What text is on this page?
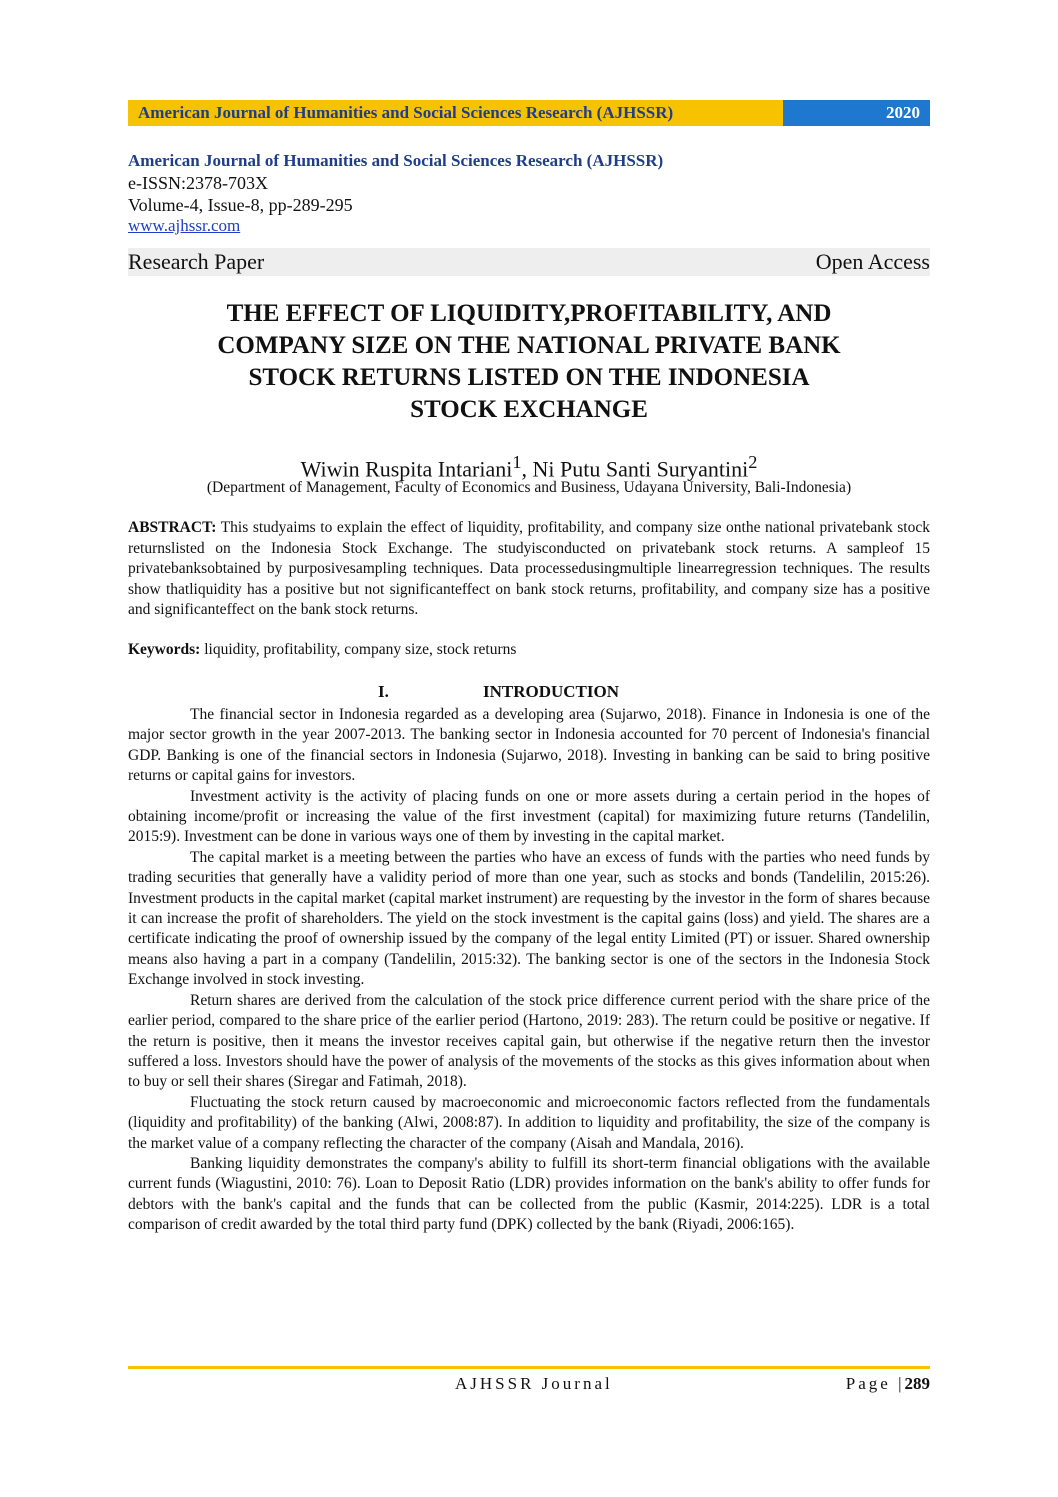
American Journal of Humanities and Social Sciences Research (AJHSSR)	2020
American Journal of Humanities and Social Sciences Research (AJHSSR)
e-ISSN:2378-703X
Volume-4, Issue-8, pp-289-295
www.ajhssr.com
Research Paper	Open Access
THE EFFECT OF LIQUIDITY,PROFITABILITY, AND
COMPANY SIZE ON THE NATIONAL PRIVATE BANK
STOCK RETURNS LISTED ON THE INDONESIA
STOCK EXCHANGE
Wiwin Ruspita Intariani$^1$, Ni Putu Santi Suryantini$^2$
(Department of Management, Faculty of Economics and Business, Udayana University, Bali-Indonesia)
ABSTRACT: This studyaims to explain the effect of liquidity, profitability, and company size onthe national privatebank stock returnslisted on the Indonesia Stock Exchange. The studyisconducted on privatebank stock returns. A sampleof 15 privatebanksobtained by purposivesampling techniques. Data processedusingmultiple linearregression techniques. The results show thatliquidity has a positive but not significanteffect on bank stock returns, profitability, and company size has a positive and significanteffect on the bank stock returns.
Keywords: liquidity, profitability, company size, stock returns
I.	INTRODUCTION

The financial sector in Indonesia regarded as a developing area (Sujarwo, 2018). Finance in Indonesia is one of the major sector growth in the year 2007-2013. The banking sector in Indonesia accounted for 70 percent of Indonesia's financial GDP. Banking is one of the financial sectors in Indonesia (Sujarwo, 2018). Investing in banking can be said to bring positive returns or capital gains for investors.

Investment activity is the activity of placing funds on one or more assets during a certain period in the hopes of obtaining income/profit or increasing the value of the first investment (capital) for maximizing future returns (Tandelilin, 2015:9). Investment can be done in various ways one of them by investing in the capital market.

The capital market is a meeting between the parties who have an excess of funds with the parties who need funds by trading securities that generally have a validity period of more than one year, such as stocks and bonds (Tandelilin, 2015:26). Investment products in the capital market (capital market instrument) are requesting by the investor in the form of shares because it can increase the profit of shareholders. The yield on the stock investment is the capital gains (loss) and yield. The shares are a certificate indicating the proof of ownership issued by the company of the legal entity Limited (PT) or issuer. Shared ownership means also having a part in a company (Tandelilin, 2015:32). The banking sector is one of the sectors in the Indonesia Stock Exchange involved in stock investing.

Return shares are derived from the calculation of the stock price difference current period with the share price of the earlier period, compared to the share price of the earlier period (Hartono, 2019: 283). The return could be positive or negative. If the return is positive, then it means the investor receives capital gain, but otherwise if the negative return then the investor suffered a loss. Investors should have the power of analysis of the movements of the stocks as this gives information about when to buy or sell their shares (Siregar and Fatimah, 2018).

Fluctuating the stock return caused by macroeconomic and microeconomic factors reflected from the fundamentals (liquidity and profitability) of the banking (Alwi, 2008:87). In addition to liquidity and profitability, the size of the company is the market value of a company reflecting the character of the company (Aisah and Mandala, 2016).

Banking liquidity demonstrates the company's ability to fulfill its short-term financial obligations with the available current funds (Wiagustini, 2010: 76). Loan to Deposit Ratio (LDR) provides information on the bank's ability to offer funds for debtors with the bank's capital and the funds that can be collected from the public (Kasmir, 2014:225). LDR is a total comparison of credit awarded by the total third party fund (DPK) collected by the bank (Riyadi, 2006:165).

AJHSSR Journal	Page |289
